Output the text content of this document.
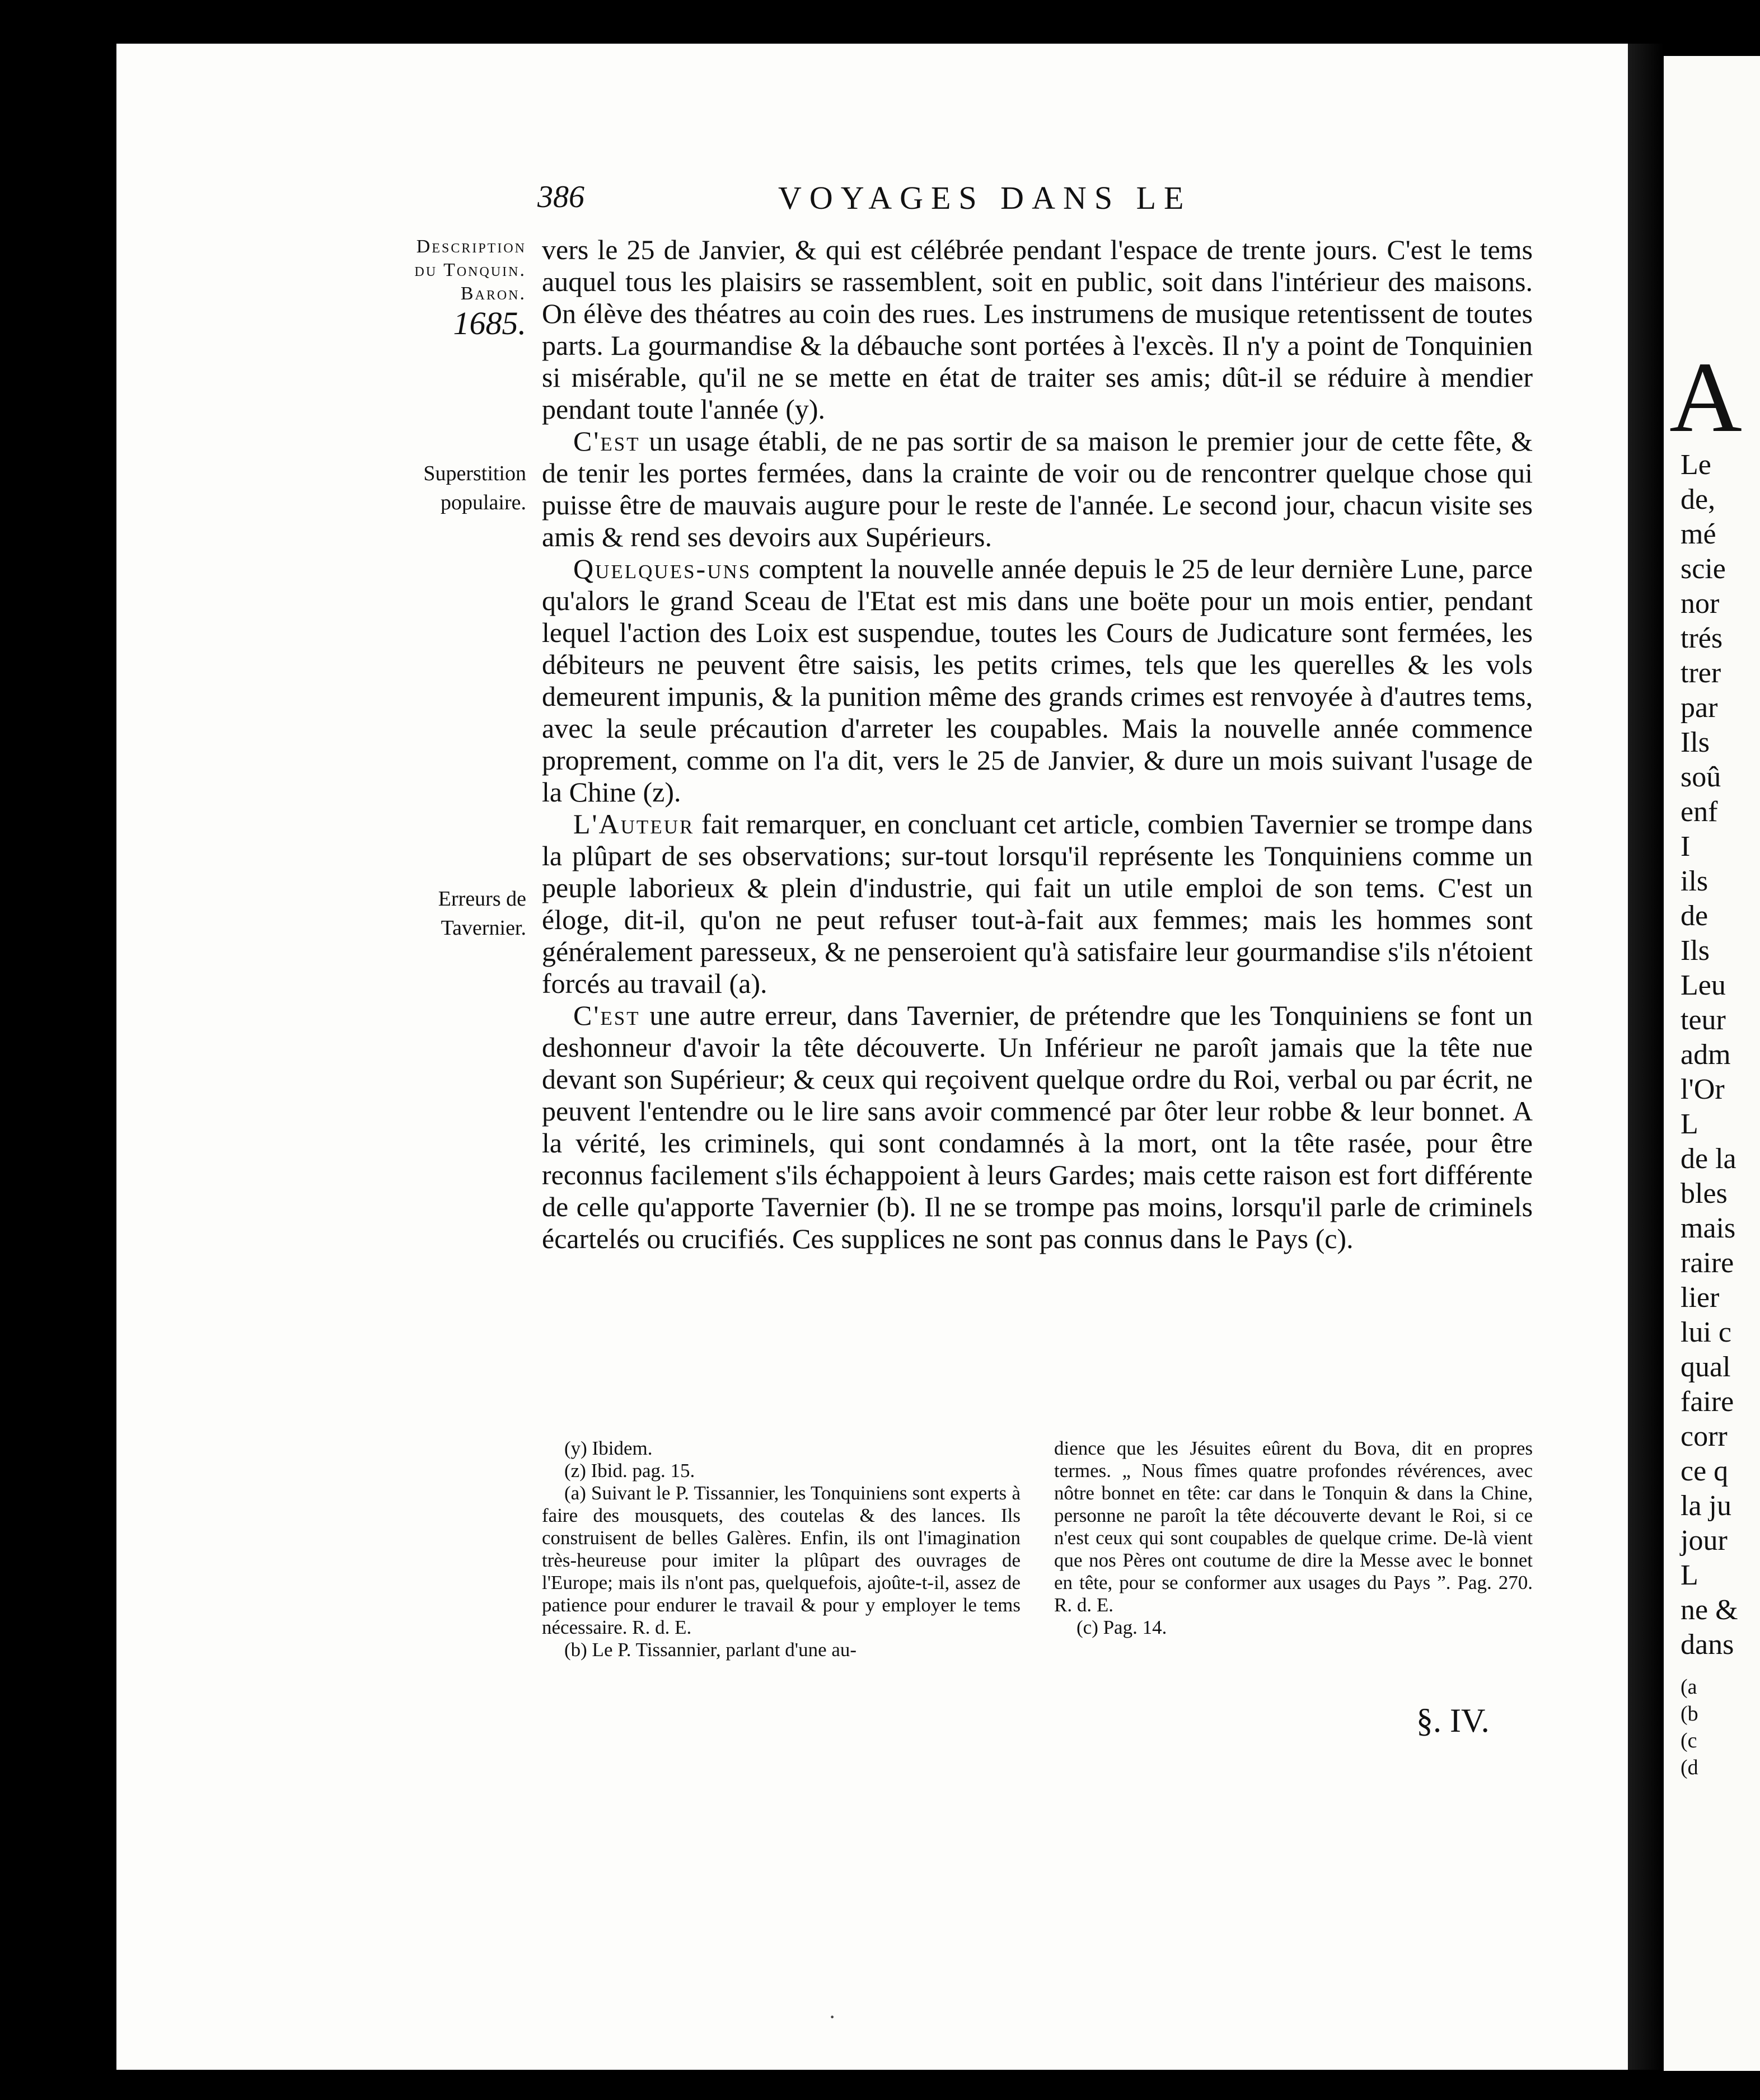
A
Le
de,
mé
scie
nor
trés
trer
par
Ils
soû
enf
I
ils
de
Ils
Leu
teur
adm
l'Or
L
de la
bles
mais
raire
lier
lui c
qual
faire
corr
ce q
la ju
jour
L
ne &
dans
(a
(b
(c
(d
386	VOYAGES DANS LE
Description
du Tonquin.
Baron.
1685.
Superstition
populaire.
Erreurs de
Tavernier.

vers le 25 de Janvier, & qui est célébrée pendant l'espace de trente jours. C'est le tems auquel tous les plaisirs se rassemblent, soit en public, soit dans l'intérieur des maisons. On élève des théatres au coin des rues. Les instrumens de musique retentissent de toutes parts. La gourmandise & la débauche sont portées à l'excès. Il n'y a point de Tonquinien si misérable, qu'il ne se mette en état de traiter ses amis; dût-il se réduire à mendier pendant toute l'année (y).

C'est un usage établi, de ne pas sortir de sa maison le premier jour de cette fête, & de tenir les portes fermées, dans la crainte de voir ou de rencontrer quelque chose qui puisse être de mauvais augure pour le reste de l'année. Le second jour, chacun visite ses amis & rend ses devoirs aux Supérieurs.

Quelques-uns comptent la nouvelle année depuis le 25 de leur dernière Lune, parce qu'alors le grand Sceau de l'Etat est mis dans une boëte pour un mois entier, pendant lequel l'action des Loix est suspendue, toutes les Cours de Judicature sont fermées, les débiteurs ne peuvent être saisis, les petits crimes, tels que les querelles & les vols demeurent impunis, & la punition même des grands crimes est renvoyée à d'autres tems, avec la seule précaution d'arreter les coupables. Mais la nouvelle année commence proprement, comme on l'a dit, vers le 25 de Janvier, & dure un mois suivant l'usage de la Chine (z).

L'Auteur fait remarquer, en concluant cet article, combien Tavernier se trompe dans la plûpart de ses observations; sur-tout lorsqu'il représente les Tonquiniens comme un peuple laborieux & plein d'industrie, qui fait un utile emploi de son tems. C'est un éloge, dit-il, qu'on ne peut refuser tout-à-fait aux femmes; mais les hommes sont généralement paresseux, & ne penseroient qu'à satisfaire leur gourmandise s'ils n'étoient forcés au travail (a).

C'est une autre erreur, dans Tavernier, de prétendre que les Tonquiniens se font un deshonneur d'avoir la tête découverte. Un Inférieur ne paroît jamais que la tête nue devant son Supérieur; & ceux qui reçoivent quelque ordre du Roi, verbal ou par écrit, ne peuvent l'entendre ou le lire sans avoir commencé par ôter leur robbe & leur bonnet. A la vérité, les criminels, qui sont condamnés à la mort, ont la tête rasée, pour être reconnus facilement s'ils échappoient à leurs Gardes; mais cette raison est fort différente de celle qu'apporte Tavernier (b). Il ne se trompe pas moins, lorsqu'il parle de criminels écartelés ou crucifiés. Ces supplices ne sont pas connus dans le Pays (c).

(y) Ibidem.

(z) Ibid. pag. 15.

(a) Suivant le P. Tissannier, les Tonquiniens sont experts à faire des mousquets, des coutelas & des lances. Ils construisent de belles Galères. Enfin, ils ont l'imagination très-heureuse pour imiter la plûpart des ouvrages de l'Europe; mais ils n'ont pas, quelquefois, ajoûte-t-il, assez de patience pour endurer le travail & pour y employer le tems nécessaire. R. d. E.

(b) Le P. Tissannier, parlant d'une au-

dience que les Jésuites eûrent du Bova, dit en propres termes. „ Nous fîmes quatre profondes révérences, avec nôtre bonnet en tête: car dans le Tonquin & dans la Chine, personne ne paroît la tête découverte devant le Roi, si ce n'est ceux qui sont coupables de quelque crime. De-là vient que nos Pères ont coutume de dire la Messe avec le bonnet en tête, pour se conformer aux usages du Pays ”. Pag. 270. R. d. E.

(c) Pag. 14.

§. IV.
·
